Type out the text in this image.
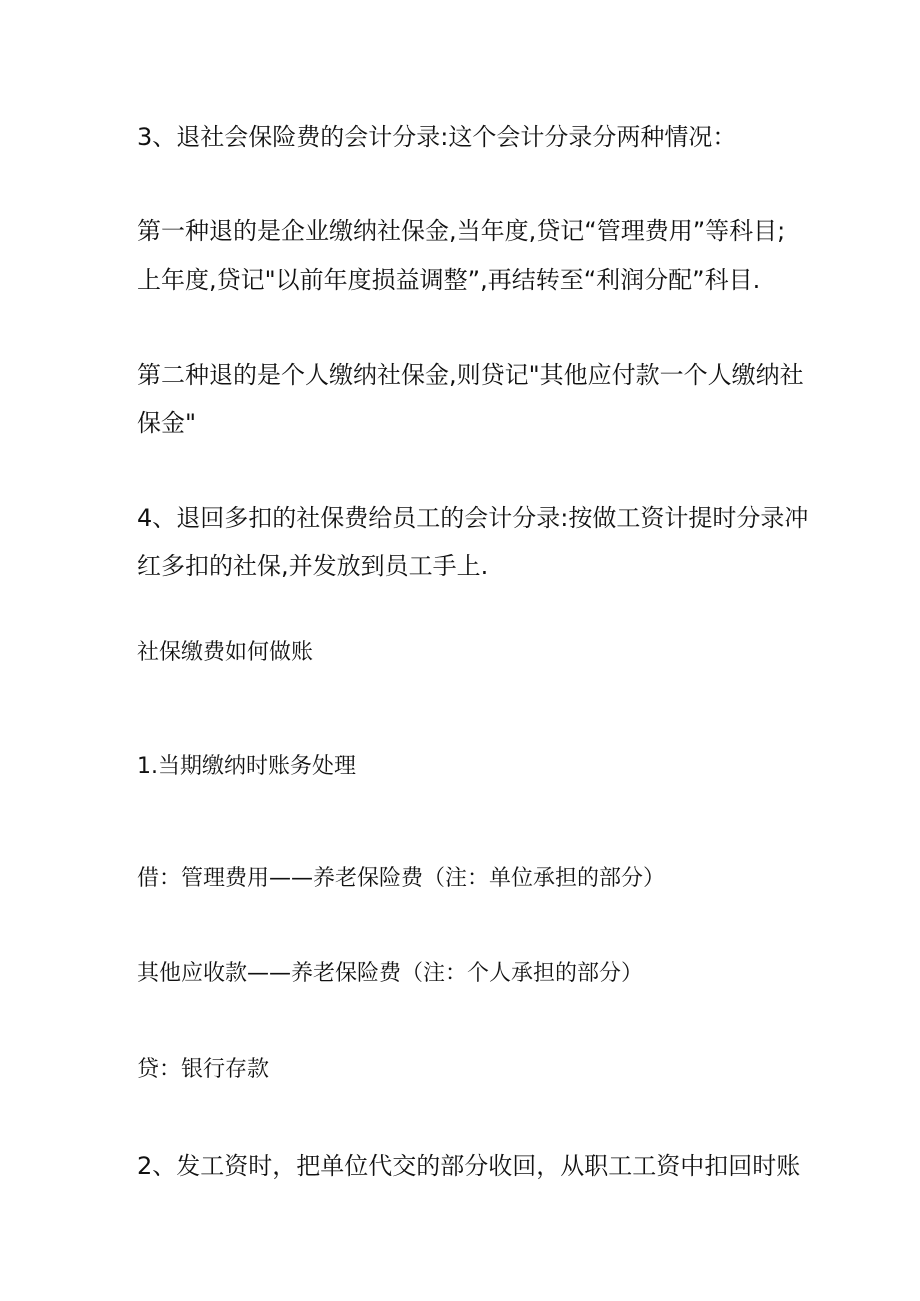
3、退社会保险费的会计分录:这个会计分录分两种情况：
第一种退的是企业缴纳社保金,当年度,贷记“管理费用”等科目;
上年度,贷记"以前年度损益调整”,再结转至“利润分配”科目.
第二种退的是个人缴纳社保金,则贷记"其他应付款一个人缴纳社
保金"
4、退回多扣的社保费给员工的会计分录:按做工资计提时分录冲
红多扣的社保,并发放到员工手上.
社保缴费如何做账
1.当期缴纳时账务处理
借：管理费用——养老保险费（注：单位承担的部分）
其他应收款——养老保险费（注：个人承担的部分）
贷：银行存款
2、发工资时，把单位代交的部分收回，从职工工资中扣回时账
